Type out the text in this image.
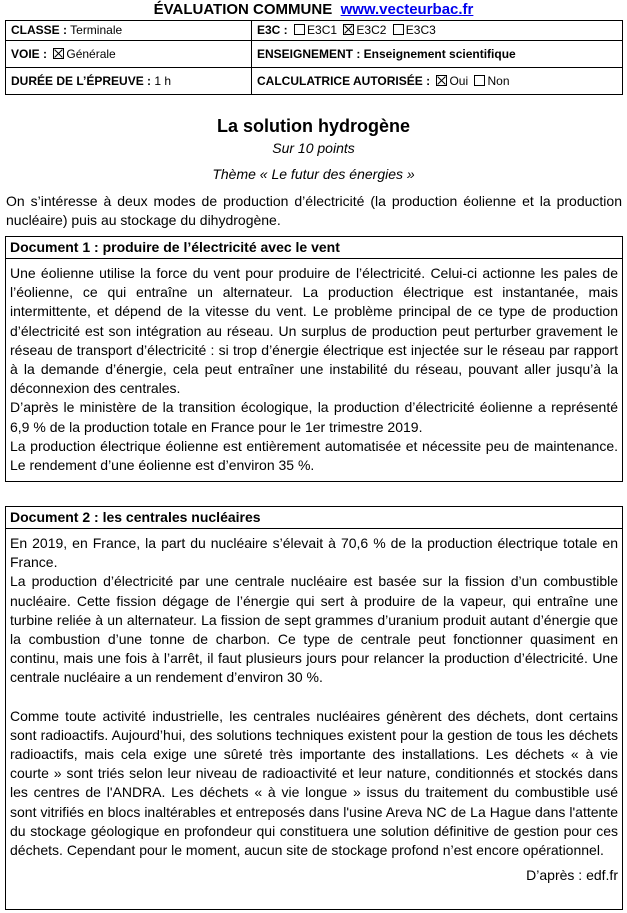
ÉVALUATION COMMUNE www.vecteurbac.fr
CLASSE : Terminale	E3C : E3C1 E3C2 E3C3
VOIE : Générale	ENSEIGNEMENT : Enseignement scientifique
DURÉE DE L’ÉPREUVE : 1 h	CALCULATRICE AUTORISÉE : Oui Non
La solution hydrogène
Sur 10 points
Thème « Le futur des énergies »
On s’intéresse à deux modes de production d’électricité (la production éolienne et la production nucléaire) puis au stockage du dihydrogène.
Document 1 : produire de l’électricité avec le vent

Une éolienne utilise la force du vent pour produire de l’électricité. Celui-ci actionne les pales de l’éolienne, ce qui entraîne un alternateur. La production électrique est instantanée, mais intermittente, et dépend de la vitesse du vent. Le problème principal de ce type de production d’électricité est son intégration au réseau. Un surplus de production peut perturber gravement le réseau de transport d’électricité : si trop d’énergie électrique est injectée sur le réseau par rapport à la demande d’énergie, cela peut entraîner une instabilité du réseau, pouvant aller jusqu’à la déconnexion des centrales.

D’après le ministère de la transition écologique, la production d’électricité éolienne a représenté 6,9 % de la production totale en France pour le 1er trimestre 2019.

La production électrique éolienne est entièrement automatisée et nécessite peu de maintenance. Le rendement d’une éolienne est d’environ 35 %.

Document 2 : les centrales nucléaires

En 2019, en France, la part du nucléaire s’élevait à 70,6 % de la production électrique totale en France.

La production d’électricité par une centrale nucléaire est basée sur la fission d’un combustible nucléaire. Cette fission dégage de l’énergie qui sert à produire de la vapeur, qui entraîne une turbine reliée à un alternateur. La fission de sept grammes d’uranium produit autant d’énergie que la combustion d’une tonne de charbon. Ce type de centrale peut fonctionner quasiment en continu, mais une fois à l’arrêt, il faut plusieurs jours pour relancer la production d’électricité. Une centrale nucléaire a un rendement d’environ 30 %.

Comme toute activité industrielle, les centrales nucléaires génèrent des déchets, dont certains sont radioactifs. Aujourd’hui, des solutions techniques existent pour la gestion de tous les déchets radioactifs, mais cela exige une sûreté très importante des installations. Les déchets « à vie courte » sont triés selon leur niveau de radioactivité et leur nature, conditionnés et stockés dans les centres de l'ANDRA. Les déchets « à vie longue » issus du traitement du combustible usé sont vitrifiés en blocs inaltérables et entreposés dans l'usine Areva NC de La Hague dans l'attente du stockage géologique en profondeur qui constituera une solution définitive de gestion pour ces déchets. Cependant pour le moment, aucun site de stockage profond n’est encore opérationnel.

D’après : edf.fr
